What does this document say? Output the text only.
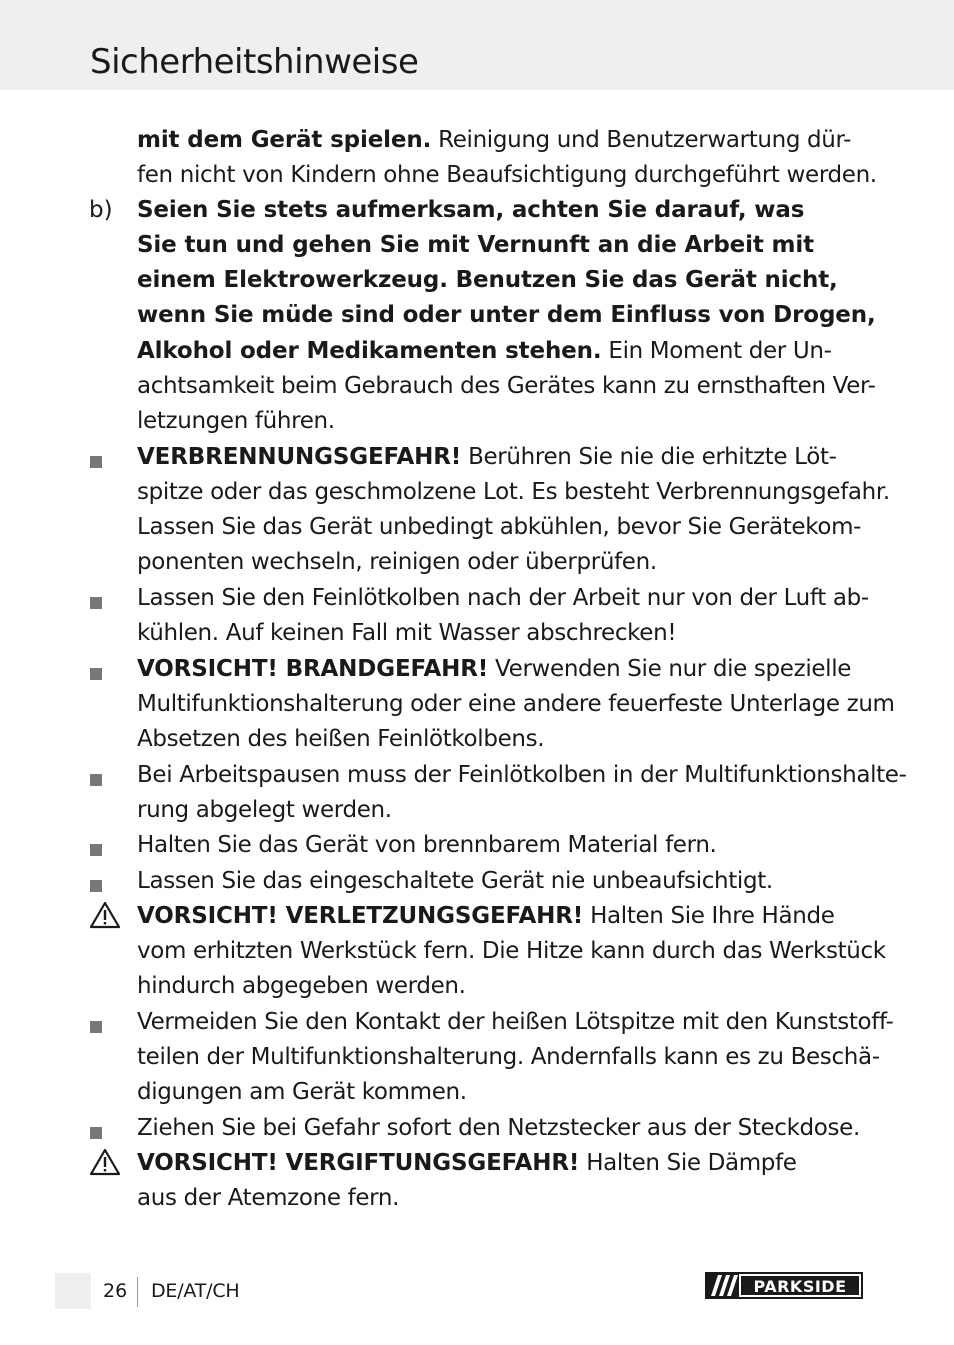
Sicherheitshinweise
mit dem Gerät spielen. Reinigung und Benutzerwartung dür-
fen nicht von Kindern ohne Beaufsichtigung durchgeführt werden.
b) Seien Sie stets aufmerksam, achten Sie darauf, was
Sie tun und gehen Sie mit Vernunft an die Arbeit mit
einem Elektrowerkzeug. Benutzen Sie das Gerät nicht,
wenn Sie müde sind oder unter dem Einfluss von Drogen,
Alkohol oder Medikamenten stehen. Ein Moment der Un-
achtsamkeit beim Gebrauch des Gerätes kann zu ernsthaften Ver-
letzungen führen.
VERBRENNUNGSGEFAHR! Berühren Sie nie die erhitzte Löt-
spitze oder das geschmolzene Lot. Es besteht Verbrennungsgefahr.
Lassen Sie das Gerät unbedingt abkühlen, bevor Sie Gerätekom-
ponenten wechseln, reinigen oder überprüfen.
Lassen Sie den Feinlötkolben nach der Arbeit nur von der Luft ab-
kühlen. Auf keinen Fall mit Wasser abschrecken!
VORSICHT! BRANDGEFAHR! Verwenden Sie nur die spezielle
Multifunktionshalterung oder eine andere feuerfeste Unterlage zum
Absetzen des heißen Feinlötkolbens.
Bei Arbeitspausen muss der Feinlötkolben in der Multifunktionshalte-
rung abgelegt werden.
Halten Sie das Gerät von brennbarem Material fern.
Lassen Sie das eingeschaltete Gerät nie unbeaufsichtigt.
VORSICHT! VERLETZUNGSGEFAHR! Halten Sie Ihre Hände
vom erhitzten Werkstück fern. Die Hitze kann durch das Werkstück
hindurch abgegeben werden.
Vermeiden Sie den Kontakt der heißen Lötspitze mit den Kunststoff-
teilen der Multifunktionshalterung. Andernfalls kann es zu Beschä-
digungen am Gerät kommen.
Ziehen Sie bei Gefahr sofort den Netzstecker aus der Steckdose.
VORSICHT! VERGIFTUNGSGEFAHR! Halten Sie Dämpfe
aus der Atemzone fern.
26 DE/AT/CH	PARKSIDE
